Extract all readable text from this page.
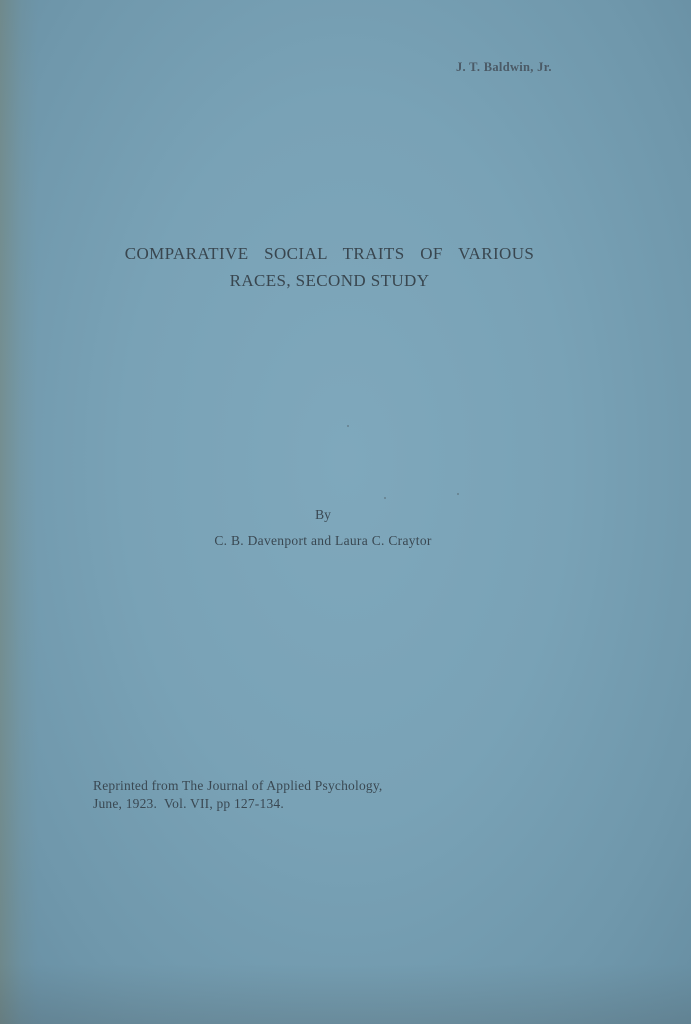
J. T. Baldwin, Jr.
COMPARATIVE SOCIAL TRAITS OF VARIOUS
RACES, SECOND STUDY
By
C. B. Davenport and Laura C. Craytor
Reprinted from The Journal of Applied Psychology,
June, 1923.  Vol. VII, pp 127-134.
